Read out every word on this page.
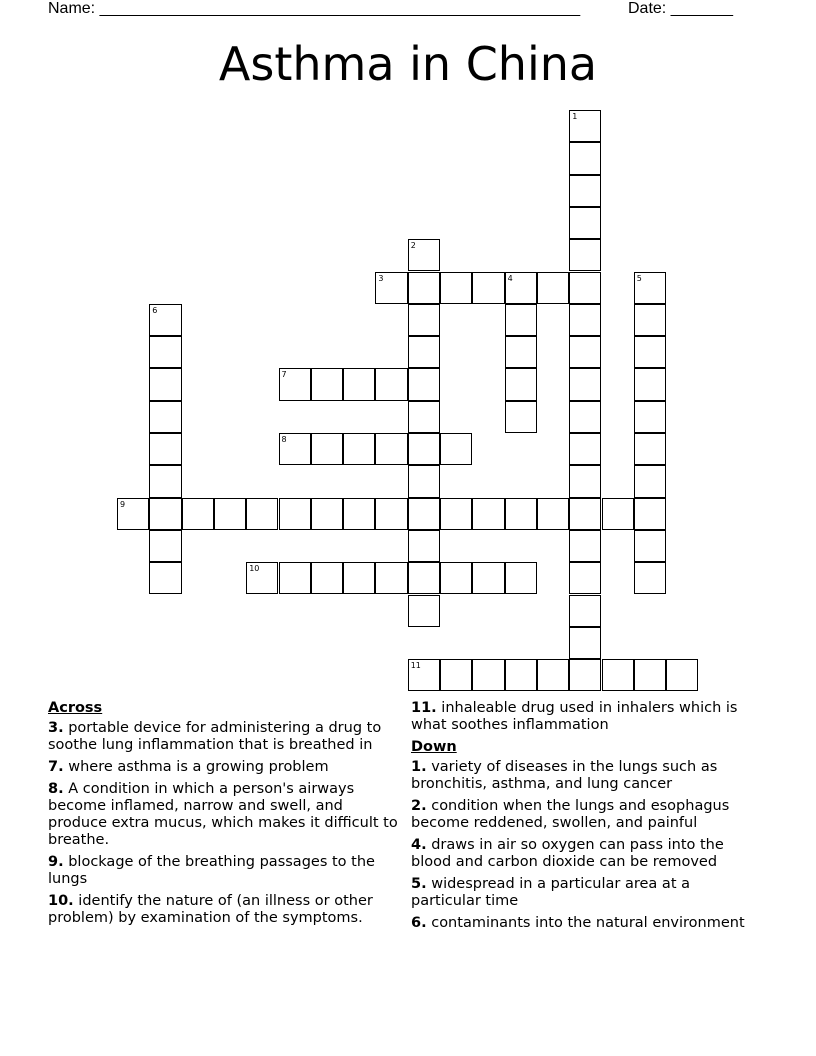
Name: ______________________________________________________	Date: _______
Asthma in China
1
2
3	4	5
6
7
8
9
10
11
Across
3. portable device for administering a drug to soothe lung inflammation that is breathed in
7. where asthma is a growing problem
8. A condition in which a person's airways become inflamed, narrow and swell, and produce extra mucus, which makes it difficult to breathe.
9. blockage of the breathing passages to the lungs
10. identify the nature of (an illness or other problem) by examination of the symptoms.
11. inhaleable drug used in inhalers which is what soothes inflammation
Down
1. variety of diseases in the lungs such as bronchitis, asthma, and lung cancer
2. condition when the lungs and esophagus become reddened, swollen, and painful
4. draws in air so oxygen can pass into the blood and carbon dioxide can be removed
5. widespread in a particular area at a particular time
6. contaminants into the natural environment
